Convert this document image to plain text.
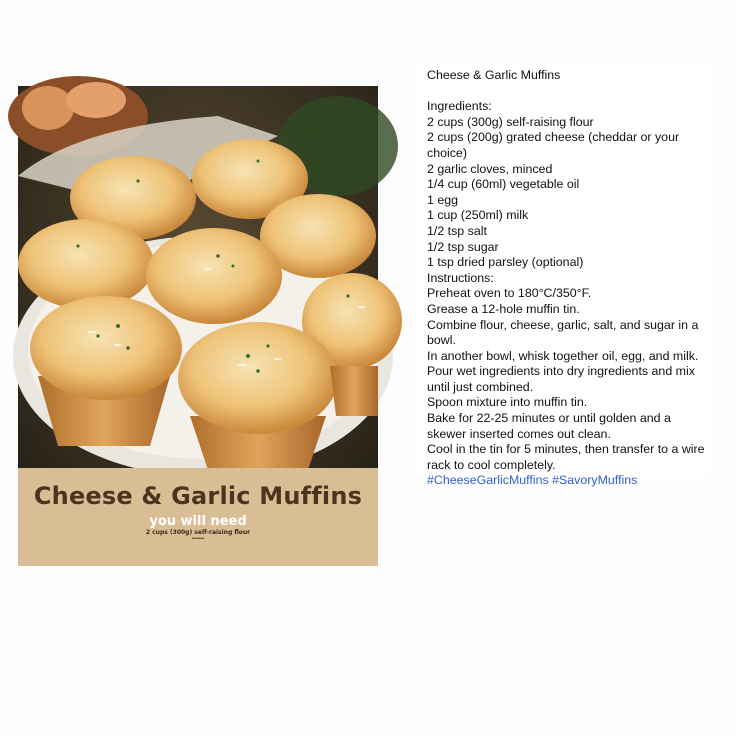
Cheese & Garlic Muffins
you will need
2 cups (300g) self-raising flour
•••••••
Cheese & Garlic Muffins
Ingredients:
2 cups (300g) self-raising flour
2 cups (200g) grated cheese (cheddar or your choice)
2 garlic cloves, minced
1/4 cup (60ml) vegetable oil
1 egg
1 cup (250ml) milk
1/2 tsp salt
1/2 tsp sugar
1 tsp dried parsley (optional)
Instructions:
Preheat oven to 180°C/350°F.
Grease a 12-hole muffin tin.
Combine flour, cheese, garlic, salt, and sugar in a bowl.
In another bowl, whisk together oil, egg, and milk.
Pour wet ingredients into dry ingredients and mix until just combined.
Spoon mixture into muffin tin.
Bake for 22-25 minutes or until golden and a skewer inserted comes out clean.
Cool in the tin for 5 minutes, then transfer to a wire rack to cool completely.
#CheeseGarlicMuffins #SavoryMuffins
